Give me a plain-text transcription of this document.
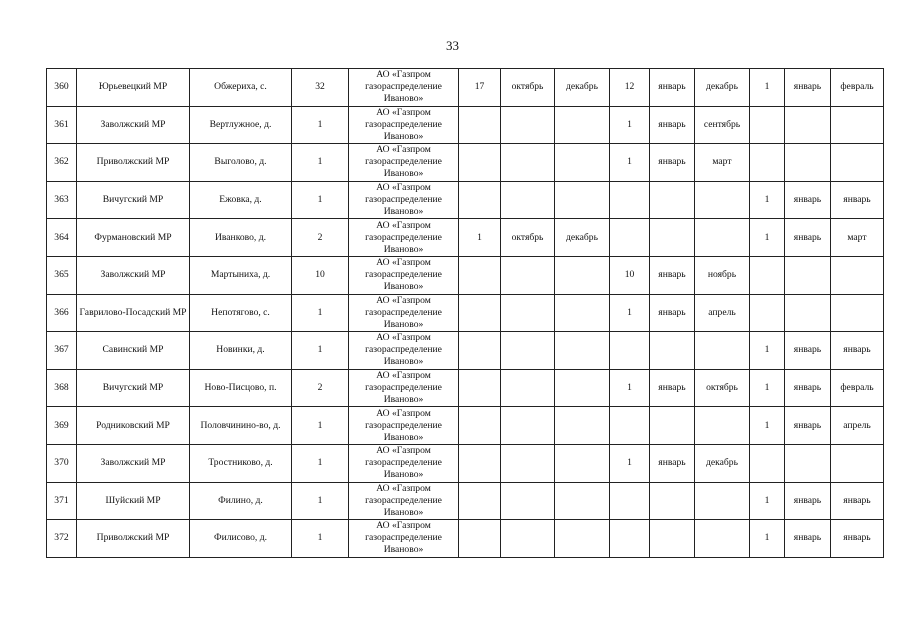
33
360	Юрьевецкий МР	Обжериха, с.	32	АО «Газпром газораспределение Иваново»	17	октябрь	декабрь	12	январь	декабрь	1	январь	февраль
361	Заволжский МР	Вертлужное, д.	1	АО «Газпром газораспределение Иваново»				1	январь	сентябрь			
362	Приволжский МР	Выголово, д.	1	АО «Газпром газораспределение Иваново»				1	январь	март			
363	Вичугский МР	Ежовка, д.	1	АО «Газпром газораспределение Иваново»							1	январь	январь
364	Фурмановский МР	Иванково, д.	2	АО «Газпром газораспределение Иваново»	1	октябрь	декабрь				1	январь	март
365	Заволжский МР	Мартыниха, д.	10	АО «Газпром газораспределение Иваново»				10	январь	ноябрь			
366	Гаврилово-Посадский МР	Непотягово, с.	1	АО «Газпром газораспределение Иваново»				1	январь	апрель			
367	Савинский МР	Новинки, д.	1	АО «Газпром газораспределение Иваново»							1	январь	январь
368	Вичугский МР	Ново-Писцово, п.	2	АО «Газпром газораспределение Иваново»				1	январь	октябрь	1	январь	февраль
369	Родниковский МР	Половчинино-во, д.	1	АО «Газпром газораспределение Иваново»							1	январь	апрель
370	Заволжский МР	Тростниково, д.	1	АО «Газпром газораспределение Иваново»				1	январь	декабрь			
371	Шуйский МР	Филино, д.	1	АО «Газпром газораспределение Иваново»							1	январь	январь
372	Приволжский МР	Филисово, д.	1	АО «Газпром газораспределение Иваново»							1	январь	январь
